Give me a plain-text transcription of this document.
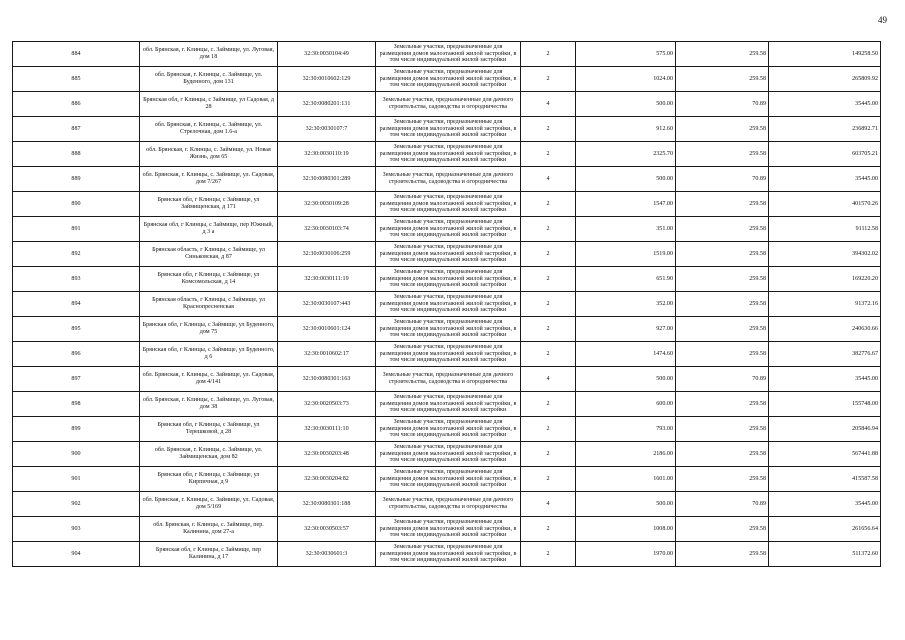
49
884	обл. Брянская, г. Клинцы, с. Займище, ул. Луговая, дом 18	32:30:0030104:49	Земельные участки, предназначенные для размещения домов малоэтажной жилой застройки, в том числе индивидуальной жилой застройки	2	575.00	259.58	149258.50
885	обл. Брянская, г. Клинцы, с. Займище, ул. Буденного, дом 131	32:30:0010602:129	Земельные участки, предназначенные для размещения домов малоэтажной жилой застройки, в том числе индивидуальной жилой застройки	2	1024.00	259.58	265809.92
886	Брянская обл, г Клинцы, с Займище, ул Садовая, д 28	32:30:0080201:131	Земельные участки, предназначенные для дачного строительства, садоводства и огородничества	4	500.00	70.89	35445.00
887	обл. Брянская, г. Клинцы, с. Займище, ул. Стрелочная, дом 1.6-а	32:30:0030107:7	Земельные участки, предназначенные для размещения домов малоэтажной жилой застройки, в том числе индивидуальной жилой застройки	2	912.60	259.58	236892.71
888	обл. Брянская, г. Клинцы, с. Займище, ул. Новая Жизнь, дом 65	32:30:0030110:19	Земельные участки, предназначенные для размещения домов малоэтажной жилой застройки, в том числе индивидуальной жилой застройки	2	2325.70	259.58	603705.21
889	обл. Брянская, г. Клинцы, с. Займище, ул. Садовая, дом 7/267	32:30:0080301:289	Земельные участки, предназначенные для дачного строительства, садоводства и огородничества	4	500.00	70.89	35445.00
890	Брянская обл, г Клинцы, с Займище, ул Займищенская, д 171	32:30:0030109:28	Земельные участки, предназначенные для размещения домов малоэтажной жилой застройки, в том числе индивидуальной жилой застройки	2	1547.00	259.58	401570.26
891	Брянская обл, г Клинцы, с Займище, пер Южный, д 3 а	32:30:0030103:74	Земельные участки, предназначенные для размещения домов малоэтажной жилой застройки, в том числе индивидуальной жилой застройки	2	351.00	259.58	91112.58
892	Брянская область, г Клинцы, с Займище, ул Синьковская, д 87	32:30:0030106:259	Земельные участки, предназначенные для размещения домов малоэтажной жилой застройки, в том числе индивидуальной жилой застройки	2	1519.00	259.58	394302.02
893	Брянская обл, г Клинцы, с Займище, ул Комсомольская, д 14	32:30:0030111:19	Земельные участки, предназначенные для размещения домов малоэтажной жилой застройки, в том числе индивидуальной жилой застройки	2	651.90	259.58	169220.20
894	Брянская область, г Клинцы, с Займище, ул Краснопресненская	32:30:0030107:443	Земельные участки, предназначенные для размещения домов малоэтажной жилой застройки, в том числе индивидуальной жилой застройки	2	352.00	259.58	91372.16
895	Брянская обл, г Клинцы, с Займище, ул Буденного, дом 75	32:30:0010601:124	Земельные участки, предназначенные для размещения домов малоэтажной жилой застройки, в том числе индивидуальной жилой застройки	2	927.00	259.58	240630.66
896	Брянская обл, г Клинцы, с Займище, ул Буденного, д 6	32:30:0010602:17	Земельные участки, предназначенные для размещения домов малоэтажной жилой застройки, в том числе индивидуальной жилой застройки	2	1474.60	259.58	382776.67
897	обл. Брянская, г. Клинцы, с. Займище, ул. Садовая, дом 4/141	32:30:0080301:163	Земельные участки, предназначенные для дачного строительства, садоводства и огородничества	4	500.00	70.89	35445.00
898	обл. Брянская, г. Клинцы, с. Займище, ул. Луговая, дом 38	32:30:0020503:73	Земельные участки, предназначенные для размещения домов малоэтажной жилой застройки, в том числе индивидуальной жилой застройки	2	600.00	259.58	155748.00
899	Брянская обл, г Клинцы, с Займище, ул Терешковой, д 28	32:30:0030111:10	Земельные участки, предназначенные для размещения домов малоэтажной жилой застройки, в том числе индивидуальной жилой застройки	2	793.00	259.58	205846.94
900	обл. Брянская, г. Клинцы, с. Займище, ул. Займищенская, дом 82	32:30:0030203:48	Земельные участки, предназначенные для размещения домов малоэтажной жилой застройки, в том числе индивидуальной жилой застройки	2	2186.00	259.58	567441.88
901	Брянская обл, г Клинцы, с Займище, ул Кирпичная, д 9	32:30:0030204:82	Земельные участки, предназначенные для размещения домов малоэтажной жилой застройки, в том числе индивидуальной жилой застройки	2	1601.00	259.58	415587.58
902	обл. Брянская, г. Клинцы, с. Займище, ул. Садовая, дом 5/169	32:30:0080301:188	Земельные участки, предназначенные для дачного строительства, садоводства и огородничества	4	500.00	70.89	35445.00
903	обл. Брянская, г. Клинцы, с. Займище, пер. Калинина, дом 27-а	32:30:0030503:57	Земельные участки, предназначенные для размещения домов малоэтажной жилой застройки, в том числе индивидуальной жилой застройки	2	1008.00	259.58	261656.64
904	Брянская обл, г Клинцы, с Займище, пер Калинина, д 17	32:30:0030601:3	Земельные участки, предназначенные для размещения домов малоэтажной жилой застройки, в том числе индивидуальной жилой застройки	2	1970.00	259.58	511372.60
